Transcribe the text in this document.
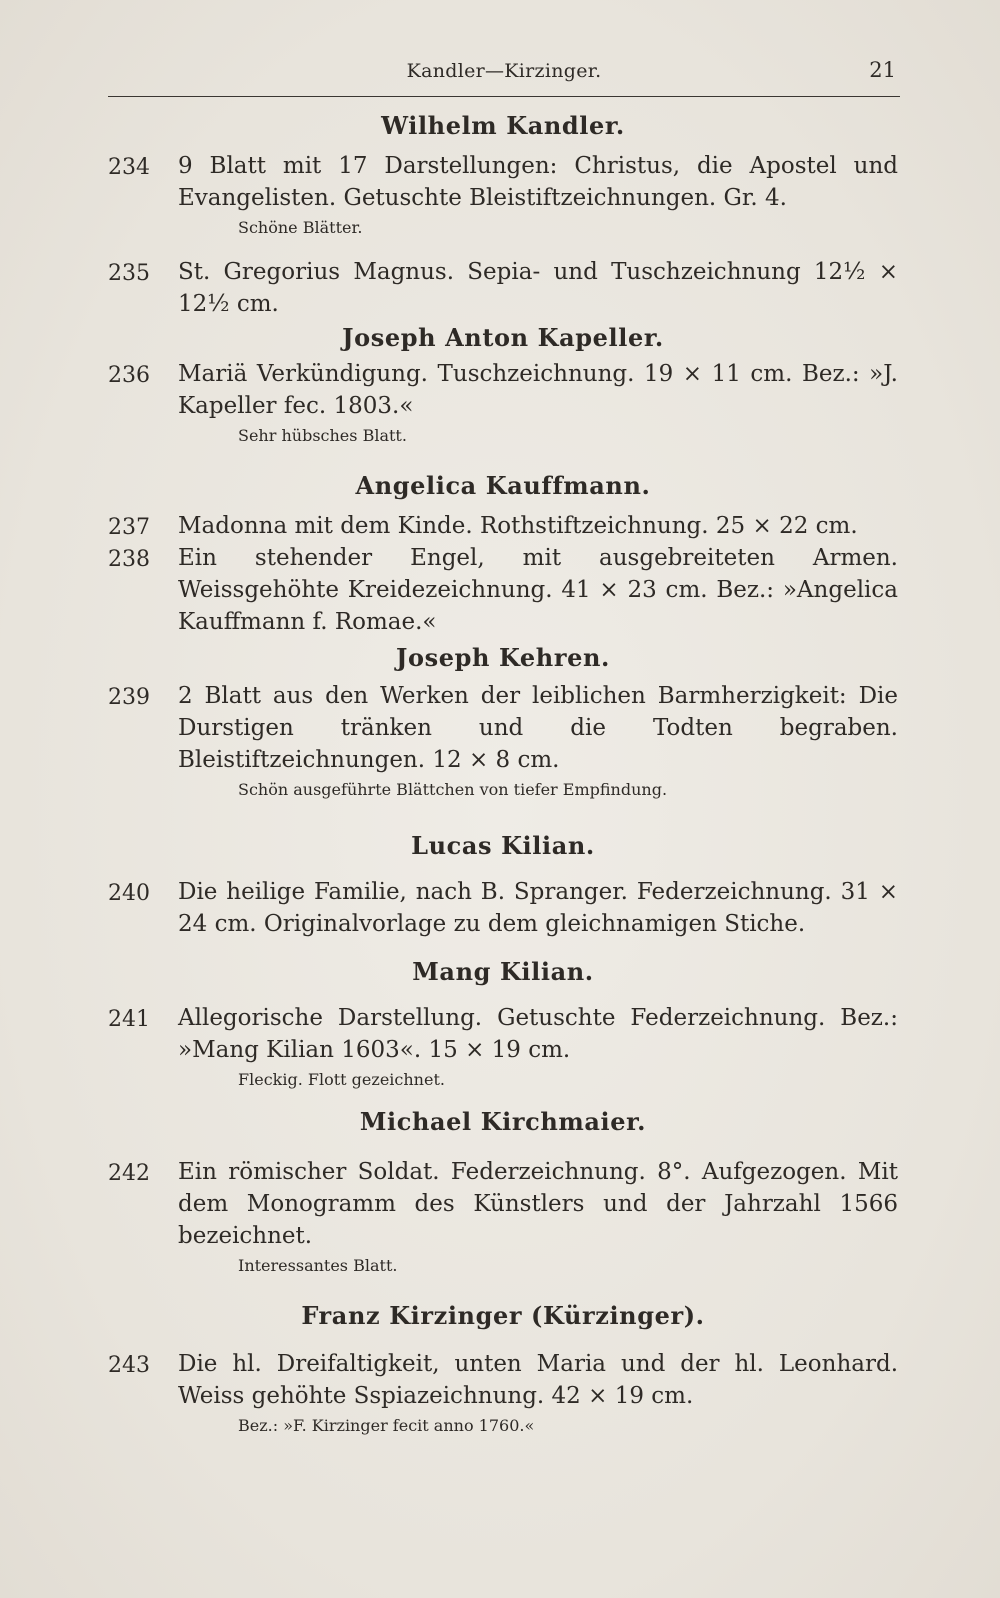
Kandler—Kirzinger.	21
Wilhelm Kandler.
234 9 Blatt mit 17 Darstellungen: Christus, die Apostel und Evangelisten. Getuschte Bleistiftzeichnungen. Gr. 4.
Schöne Blätter.
235 St. Gregorius Magnus. Sepia- und Tuschzeichnung 12½ × 12½ cm.
Joseph Anton Kapeller.
236 Mariä Verkündigung. Tuschzeichnung. 19 × 11 cm. Bez.: »J. Kapeller fec. 1803.«
Sehr hübsches Blatt.
Angelica Kauffmann.
237 Madonna mit dem Kinde. Rothstiftzeichnung. 25 × 22 cm.
238 Ein stehender Engel, mit ausgebreiteten Armen. Weissgehöhte Kreidezeichnung. 41 × 23 cm. Bez.: »Angelica Kauffmann f. Romae.«
Joseph Kehren.
239 2 Blatt aus den Werken der leiblichen Barmherzigkeit: Die Durstigen tränken und die Todten begraben. Bleistiftzeichnungen. 12 × 8 cm.
Schön ausgeführte Blättchen von tiefer Empfindung.
Lucas Kilian.
240 Die heilige Familie, nach B. Spranger. Federzeichnung. 31 × 24 cm. Originalvorlage zu dem gleichnamigen Stiche.
Mang Kilian.
241 Allegorische Darstellung. Getuschte Federzeichnung. Bez.: »Mang Kilian 1603«. 15 × 19 cm.
Fleckig. Flott gezeichnet.
Michael Kirchmaier.
242 Ein römischer Soldat. Federzeichnung. 8°. Aufgezogen. Mit dem Monogramm des Künstlers und der Jahrzahl 1566 bezeichnet.
Interessantes Blatt.
Franz Kirzinger (Kürzinger).
243 Die hl. Dreifaltigkeit, unten Maria und der hl. Leonhard. Weiss gehöhte Sspiazeichnung. 42 × 19 cm.
Bez.: »F. Kirzinger fecit anno 1760.«
